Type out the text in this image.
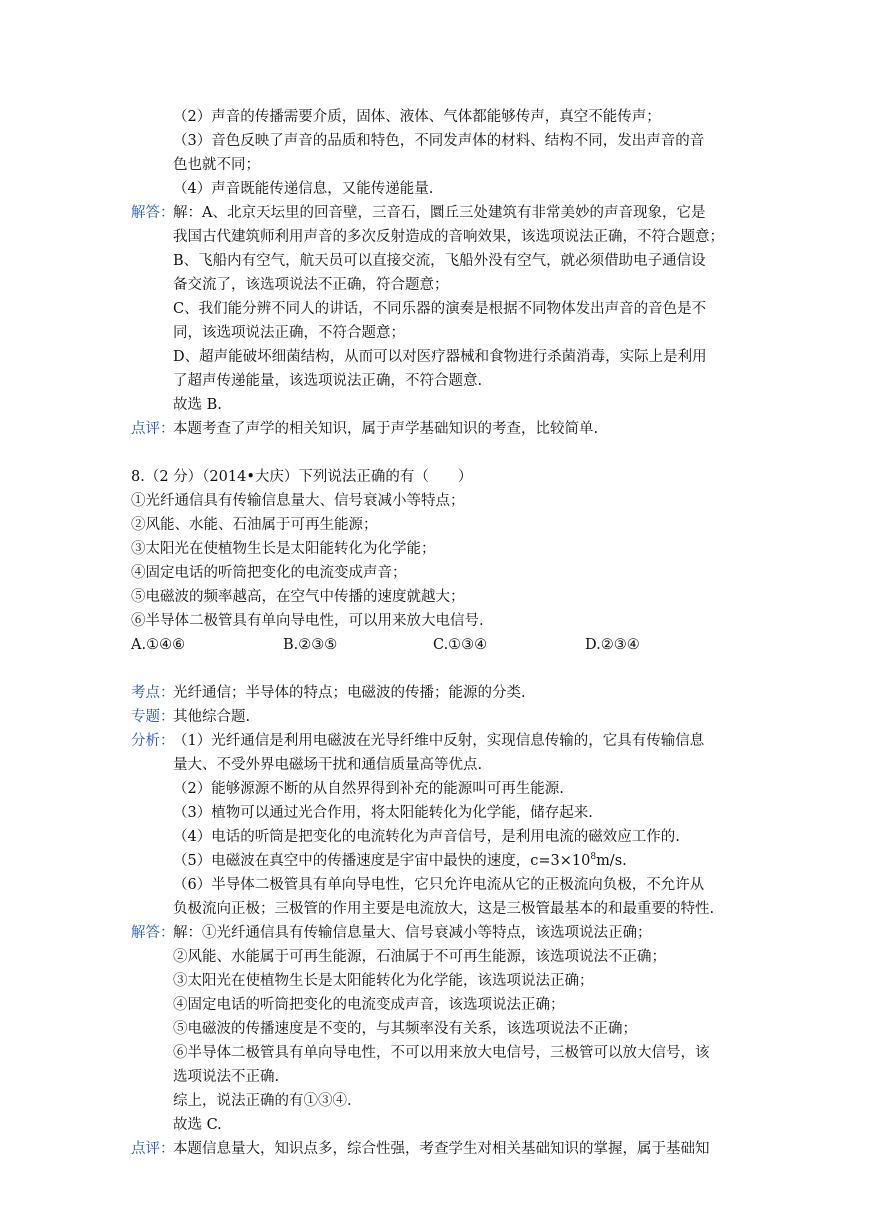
（2）声音的传播需要介质，固体、液体、气体都能够传声，真空不能传声；
（3）音色反映了声音的品质和特色，不同发声体的材料、结构不同，发出声音的音
色也就不同；
（4）声音既能传递信息，又能传递能量.
解答：
解：A、北京天坛里的回音壁，三音石，圜丘三处建筑有非常美妙的声音现象，它是
我国古代建筑师利用声音的多次反射造成的音响效果，该选项说法正确，不符合题意；
B、飞船内有空气，航天员可以直接交流，飞船外没有空气，就必须借助电子通信设
备交流了，该选项说法不正确，符合题意；
C、我们能分辨不同人的讲话，不同乐器的演奏是根据不同物体发出声音的音色是不
同，该选项说法正确，不符合题意；
D、超声能破坏细菌结构，从而可以对医疗器械和食物进行杀菌消毒，实际上是利用
了超声传递能量，该选项说法正确，不符合题意.
故选 B.
点评：
本题考查了声学的相关知识，属于声学基础知识的考查，比较简单.
8.（2 分）（2014•大庆）下列说法正确的有（　　）
①光纤通信具有传输信息量大、信号衰减小等特点；
②风能、水能、石油属于可再生能源；
③太阳光在使植物生长是太阳能转化为化学能；
④固定电话的听筒把变化的电流变成声音；
⑤电磁波的频率越高，在空气中传播的速度就越大；
⑥半导体二极管具有单向导电性，可以用来放大电信号.
A.①④⑥	B.②③⑤	C.①③④	D.②③④
考点：
光纤通信；半导体的特点；电磁波的传播；能源的分类.
专题：
其他综合题.
分析：
（1）光纤通信是利用电磁波在光导纤维中反射，实现信息传输的，它具有传输信息
量大、不受外界电磁场干扰和通信质量高等优点.
（2）能够源源不断的从自然界得到补充的能源叫可再生能源.
（3）植物可以通过光合作用，将太阳能转化为化学能，储存起来.
（4）电话的听筒是把变化的电流转化为声音信号，是利用电流的磁效应工作的.
（5）电磁波在真空中的传播速度是宇宙中最快的速度，$c=3\times 10^8m/s$.
（6）半导体二极管具有单向导电性，它只允许电流从它的正极流向负极，不允许从
负极流向正极；三极管的作用主要是电流放大，这是三极管最基本的和最重要的特性.
解答：
解：①光纤通信具有传输信息量大、信号衰减小等特点，该选项说法正确；
②风能、水能属于可再生能源，石油属于不可再生能源，该选项说法不正确；
③太阳光在使植物生长是太阳能转化为化学能，该选项说法正确；
④固定电话的听筒把变化的电流变成声音，该选项说法正确；
⑤电磁波的传播速度是不变的，与其频率没有关系，该选项说法不正确；
⑥半导体二极管具有单向导电性，不可以用来放大电信号，三极管可以放大信号，该
选项说法不正确.
综上，说法正确的有①③④.
故选 C.
点评：
本题信息量大，知识点多，综合性强，考查学生对相关基础知识的掌握，属于基础知
